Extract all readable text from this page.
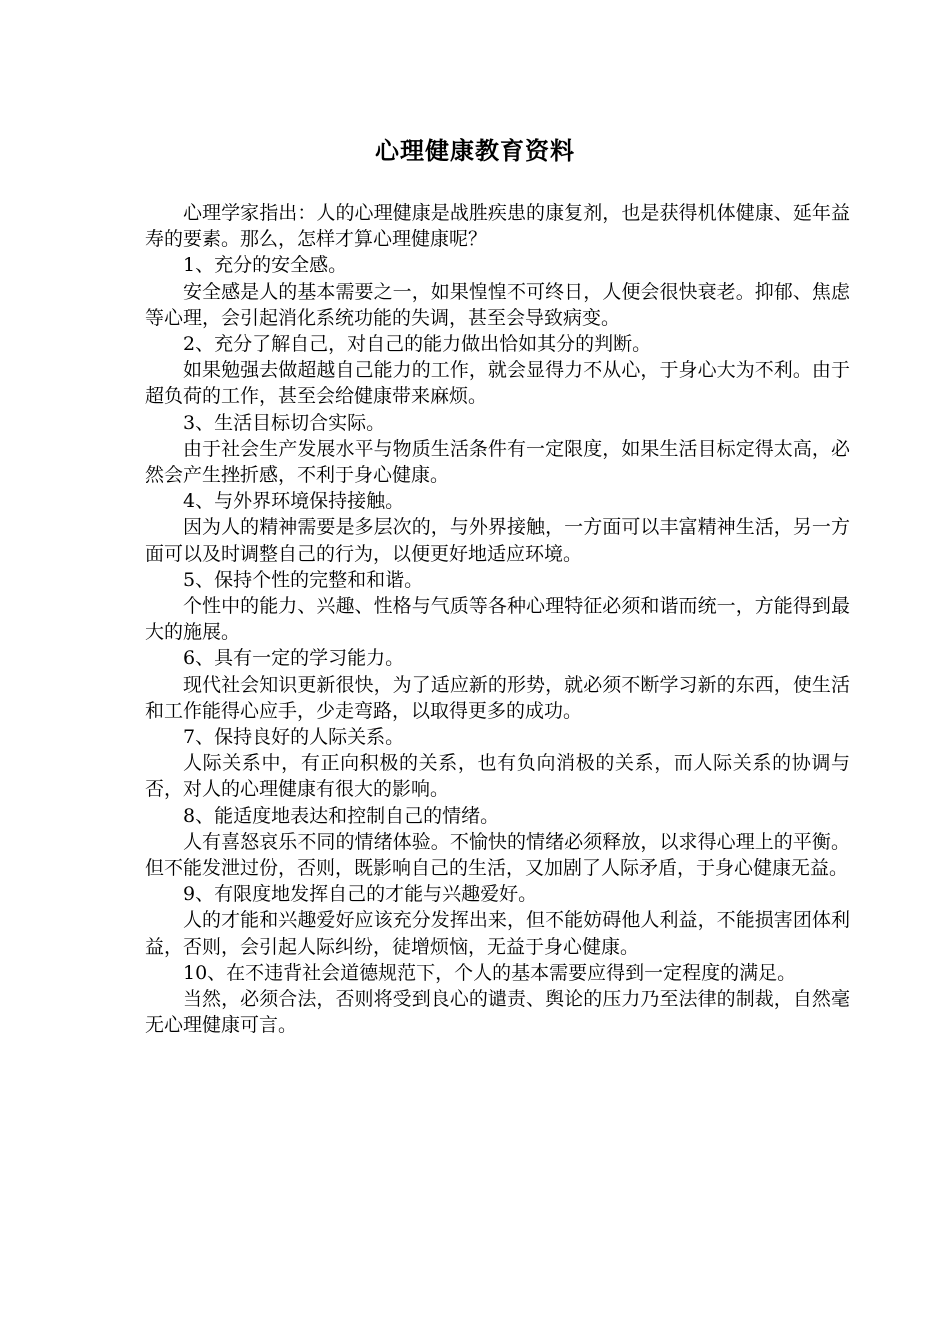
心理健康教育资料

心理学家指出：人的心理健康是战胜疾患的康复剂，也是获得机体健康、延年益寿的要素。那么，怎样才算心理健康呢？

1、充分的安全感。

安全感是人的基本需要之一，如果惶惶不可终日，人便会很快衰老。抑郁、焦虑等心理，会引起消化系统功能的失调，甚至会导致病变。

2、充分了解自己，对自己的能力做出恰如其分的判断。

如果勉强去做超越自己能力的工作，就会显得力不从心，于身心大为不利。由于超负荷的工作，甚至会给健康带来麻烦。

3、生活目标切合实际。

由于社会生产发展水平与物质生活条件有一定限度，如果生活目标定得太高，必然会产生挫折感，不利于身心健康。

4、与外界环境保持接触。

因为人的精神需要是多层次的，与外界接触，一方面可以丰富精神生活，另一方面可以及时调整自己的行为，以便更好地适应环境。

5、保持个性的完整和和谐。

个性中的能力、兴趣、性格与气质等各种心理特征必须和谐而统一，方能得到最大的施展。

6、具有一定的学习能力。

现代社会知识更新很快，为了适应新的形势，就必须不断学习新的东西，使生活和工作能得心应手，少走弯路，以取得更多的成功。

7、保持良好的人际关系。

人际关系中，有正向积极的关系，也有负向消极的关系，而人际关系的协调与否，对人的心理健康有很大的影响。

8、能适度地表达和控制自己的情绪。

人有喜怒哀乐不同的情绪体验。不愉快的情绪必须释放，以求得心理上的平衡。但不能发泄过份，否则，既影响自己的生活，又加剧了人际矛盾，于身心健康无益。

9、有限度地发挥自己的才能与兴趣爱好。

人的才能和兴趣爱好应该充分发挥出来，但不能妨碍他人利益，不能损害团体利益，否则，会引起人际纠纷，徒增烦恼，无益于身心健康。

10、在不违背社会道德规范下，个人的基本需要应得到一定程度的满足。

当然，必须合法，否则将受到良心的谴责、舆论的压力乃至法律的制裁，自然毫无心理健康可言。
